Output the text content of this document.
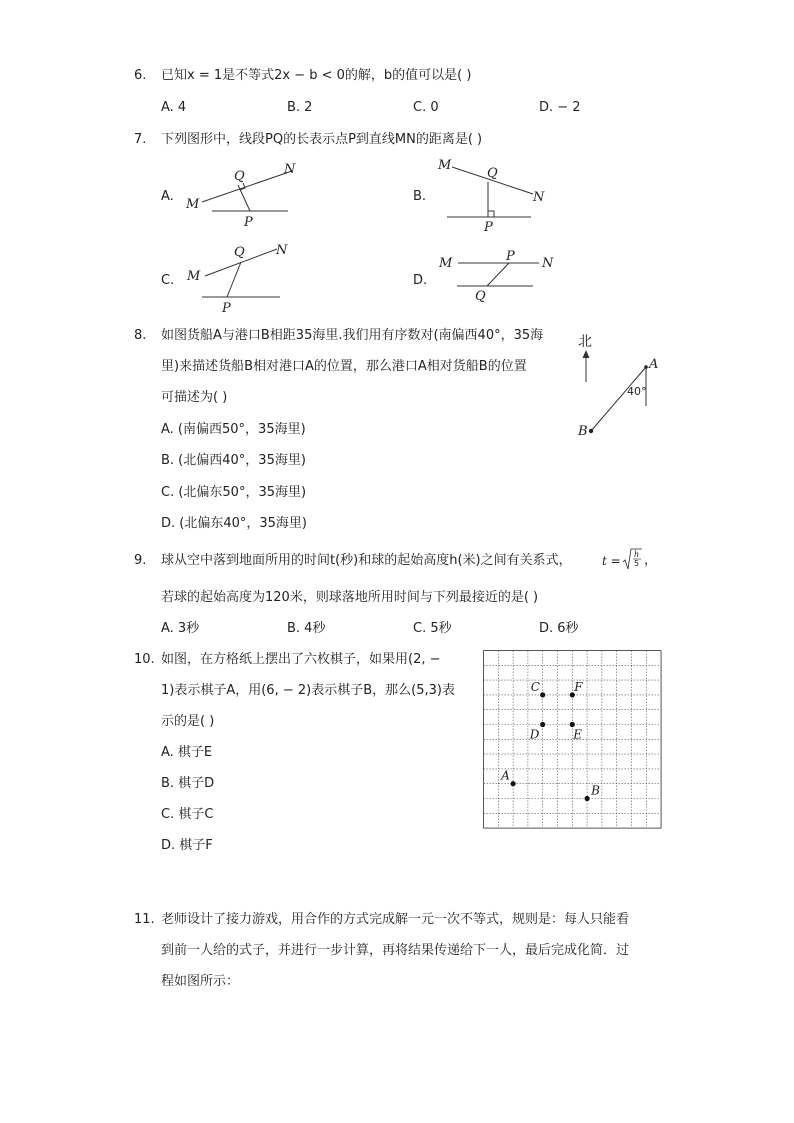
6. 已知x = 1是不等式2x − b < 0的解，b的值可以是( )
A. 4	B. 2	C. 0	D. − 2
7. 下列图形中，线段PQ的长表示点P到直线MN的距离是( )
A.
M
Q	N
P
B.
M
Q
N
P
C. M
Q N
P
D.
M	P N
Q
8. 如图货船A与港口B相距35海里.我们用有序数对(南偏西40°，35海
里)来描述货船B相对港口A的位置，那么港口A相对货船B的位置
可描述为( )
A. (南偏西50°，35海里)
B. (北偏西40°，35海里)
C. (北偏东50°，35海里)
D. (北偏东40°，35海里)
北
A
B
40°
9. 球从空中落到地面所用的时间t(秒)和球的起始高度h(米)之间有关系式，	t = h
5 ，
若球的起始高度为120米，则球落地所用时间与下列最接近的是( )
A. 3秒	B. 4秒	C. 5秒	D. 6秒
10. 如图，在方格纸上摆出了六枚棋子，如果用(2, −
1)表示棋子A，用(6, − 2)表示棋子B，那么(5,3)表
示的是( )
A. 棋子E
B. 棋子D
C. 棋子C
D. 棋子F
A
B
C
D	E
F
11. 老师设计了接力游戏，用合作的方式完成解一元一次不等式，规则是：每人只能看
到前一人给的式子，并进行一步计算，再将结果传递给下一人，最后完成化简．过
程如图所示：
